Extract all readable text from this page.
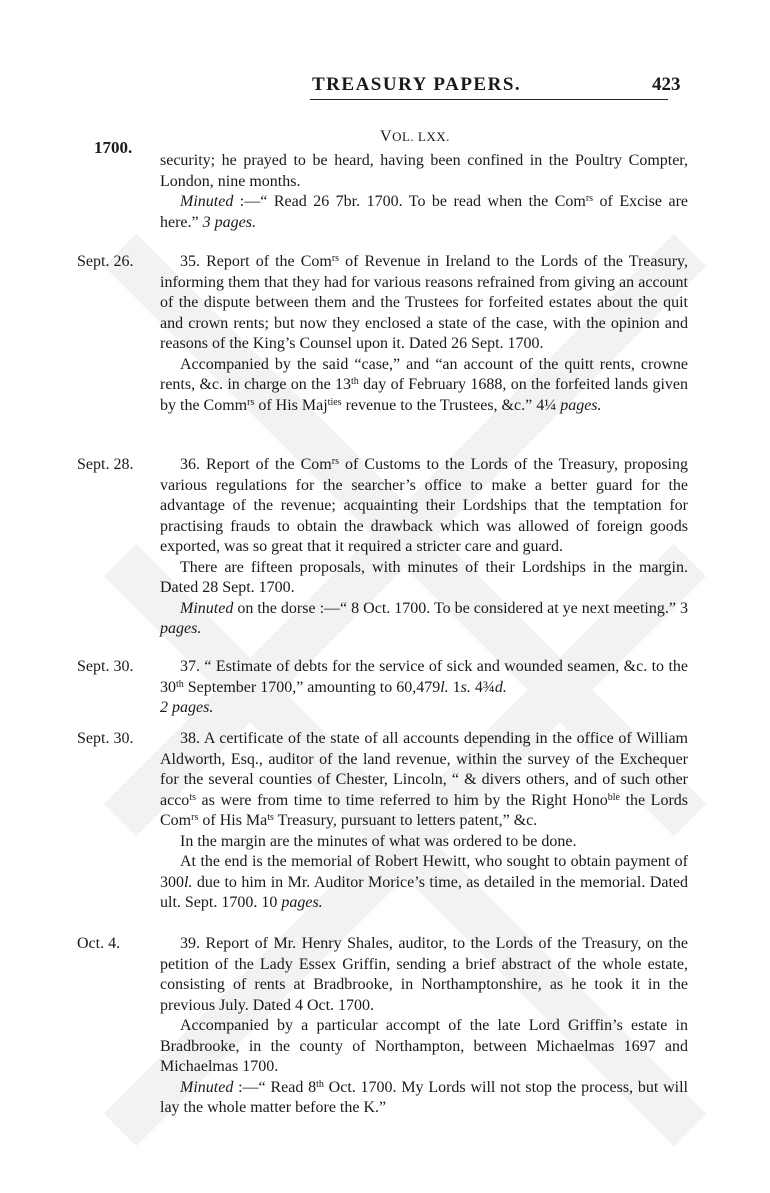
TREASURY PAPERS.	423
1700.
VOL. LXX.

security; he prayed to be heard, having been confined in the Poultry Compter, London, nine months.

Minuted :—“ Read 26 7br. 1700. To be read when the Com$^{rs}$ of Excise are here.” 3 pages.

Sept. 26.	35. Report of the Com$^{rs}$ of Revenue in Ireland to the Lords of the Treasury, informing them that they had for various reasons refrained from giving an account of the dispute between them and the Trustees for forfeited estates about the quit and crown rents; but now they enclosed a state of the case, with the opinion and reasons of the King’s Counsel upon it. Dated 26 Sept. 1700.

Accompanied by the said “case,” and “an account of the quitt rents, crowne rents, &c. in charge on the 13th day of February 1688, on the forfeited lands given by the Comm$^{rs}$ of His Maj$^{ties}$ revenue to the Trustees, &c.” 4¼ pages.

Sept. 28.	36. Report of the Com$^{rs}$ of Customs to the Lords of the Treasury, proposing various regulations for the searcher’s office to make a better guard for the advantage of the revenue; acquainting their Lordships that the temptation for practising frauds to obtain the drawback which was allowed of foreign goods exported, was so great that it required a stricter care and guard.

There are fifteen proposals, with minutes of their Lordships in the margin. Dated 28 Sept. 1700.

Minuted on the dorse :—“ 8 Oct. 1700. To be considered at ye next meeting.” 3 pages.

Sept. 30.	37. “ Estimate of debts for the service of sick and wounded seamen, &c. to the 30th September 1700,” amounting to 60,479l. 1s. 4¾d.

2 pages.

Sept. 30.	38. A certificate of the state of all accounts depending in the office of William Aldworth, Esq., auditor of the land revenue, within the survey of the Exchequer for the several counties of Chester, Lincoln, “ & divers others, and of such other acco$^{ts}$ as were from time to time referred to him by the Right Hono$^{ble}$ the Lords Com$^{rs}$ of His $Ma^{ts}$ Treasury, pursuant to letters patent,” &c.

In the margin are the minutes of what was ordered to be done.

At the end is the memorial of Robert Hewitt, who sought to obtain payment of 300l. due to him in Mr. Auditor Morice’s time, as detailed in the memorial. Dated ult. Sept. 1700. 10 pages.

Oct. 4.	39. Report of Mr. Henry Shales, auditor, to the Lords of the Treasury, on the petition of the Lady Essex Griffin, sending a brief abstract of the whole estate, consisting of rents at Bradbrooke, in Northamptonshire, as he took it in the previous July. Dated 4 Oct. 1700.

Accompanied by a particular accompt of the late Lord Griffin’s estate in Bradbrooke, in the county of Northampton, between Michaelmas 1697 and Michaelmas 1700.

Minuted :—“ Read 8th Oct. 1700. My Lords will not stop the process, but will lay the whole matter before the K.”
